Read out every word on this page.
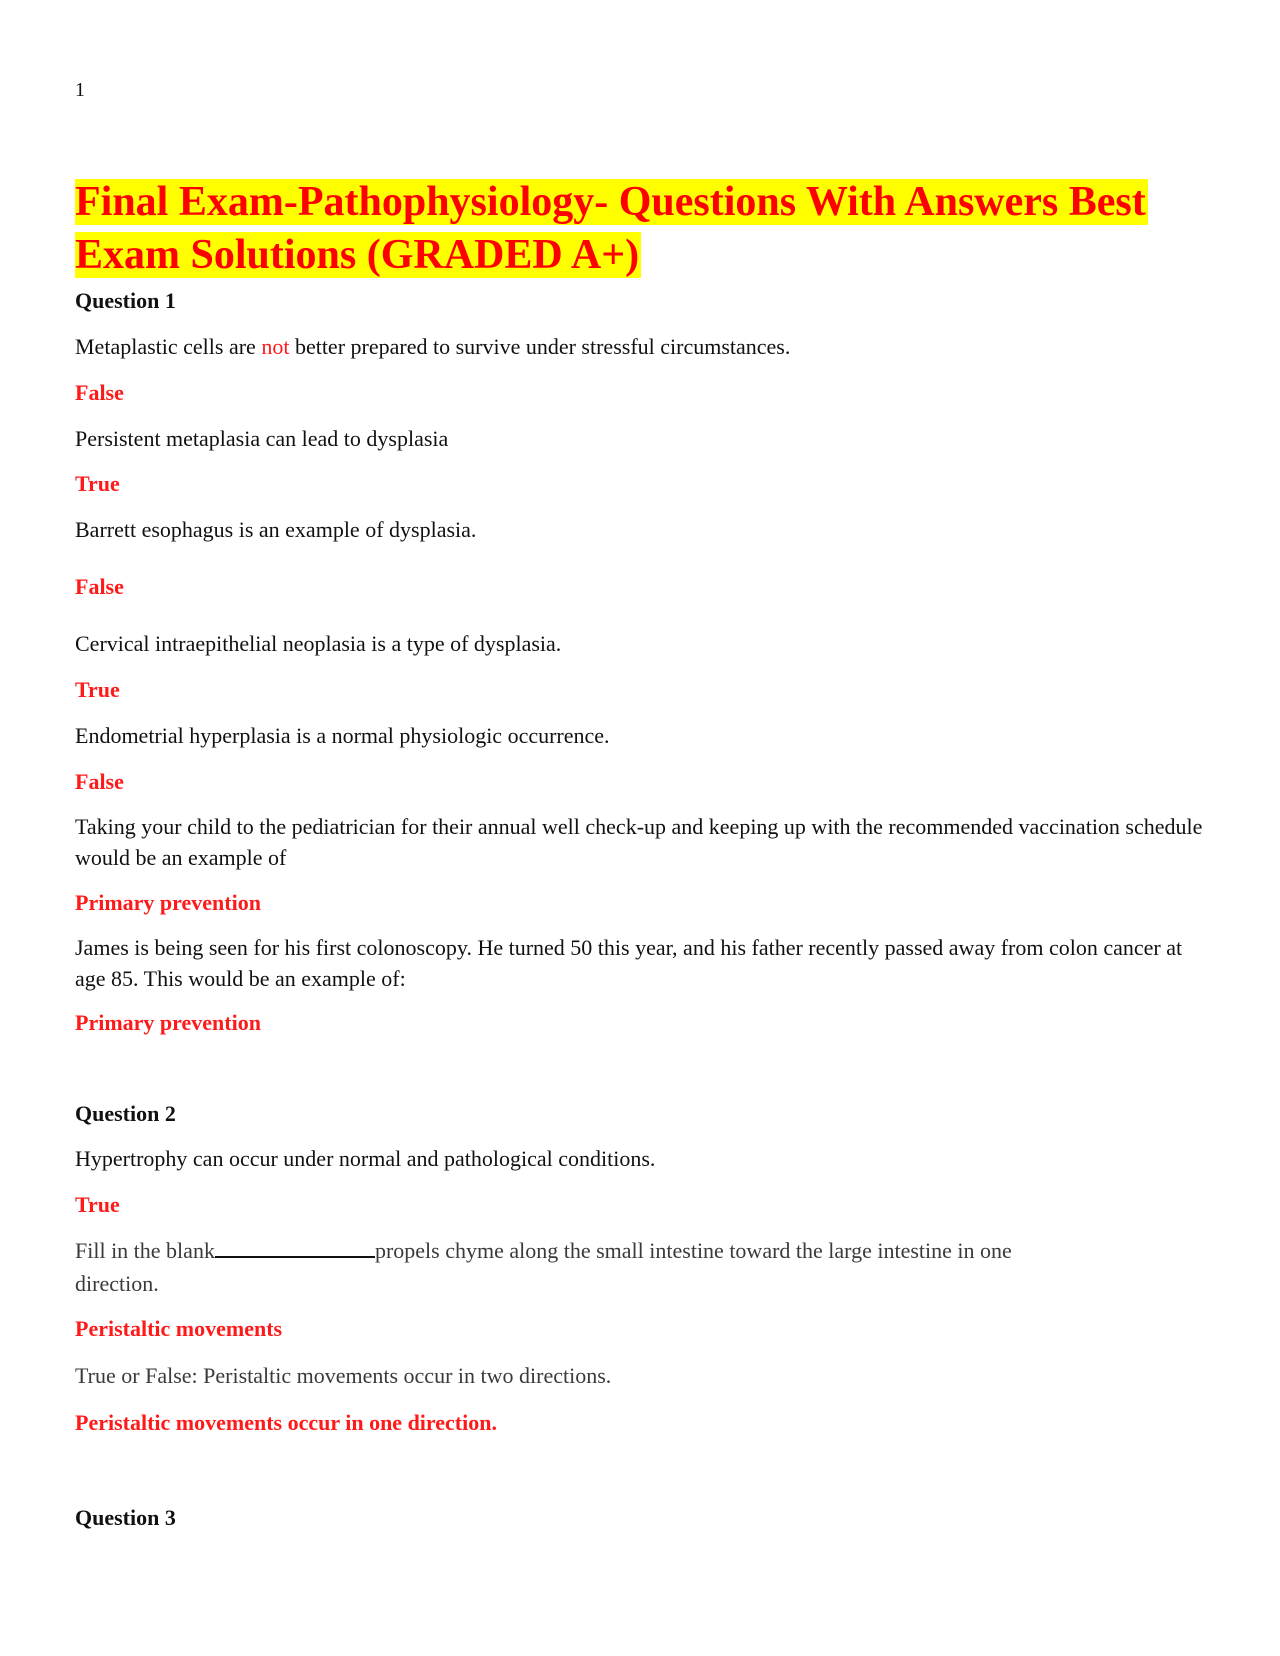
1
Final Exam-Pathophysiology- Questions With Answers Best Exam Solutions (GRADED A+)

Question 1

Metaplastic cells are not better prepared to survive under stressful circumstances.

False

Persistent metaplasia can lead to dysplasia

True

Barrett esophagus is an example of dysplasia.

False

Cervical intraepithelial neoplasia is a type of dysplasia.

True

Endometrial hyperplasia is a normal physiologic occurrence.

False

Taking your child to the pediatrician for their annual well check-up and keeping up with the recommended vaccination schedule would be an example of

Primary prevention

James is being seen for his first colonoscopy. He turned 50 this year, and his father recently passed away from colon cancer at age 85. This would be an example of:

Primary prevention

Question 2

Hypertrophy can occur under normal and pathological conditions.

True

Fill in the blank	propels chyme along the small intestine toward the large intestine in one direction.

Peristaltic movements

True or False: Peristaltic movements occur in two directions.

Peristaltic movements occur in one direction.

Question 3
